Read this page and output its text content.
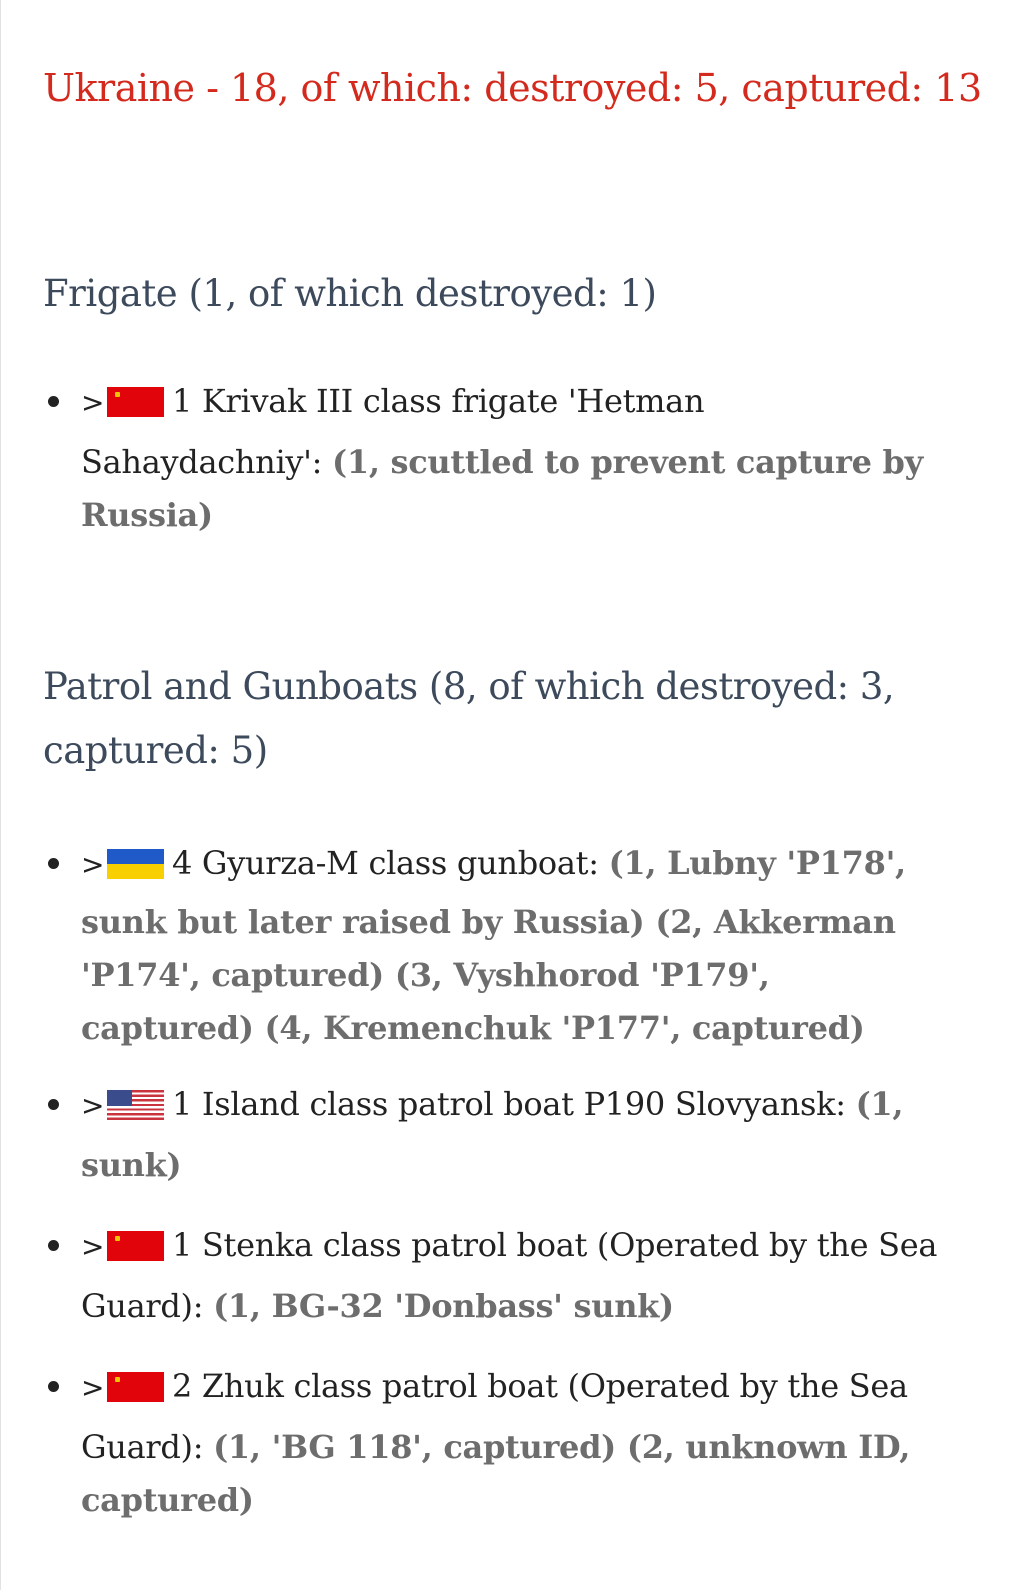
Ukraine - 18, of which: destroyed: 5, captured: 13
Frigate (1, of which destroyed: 1)
> 1 Krivak III class frigate 'Hetman
Sahaydachniy': (1, scuttled to prevent capture by Russia)
Patrol and Gunboats (8, of which destroyed: 3, captured: 5)
> 4 Gyurza-M class gunboat: (1, Lubny 'P178',
sunk but later raised by Russia) (2, Akkerman 'P174', captured) (3, Vyshhorod 'P179', captured) (4, Kremenchuk 'P177', captured)
> 1 Island class patrol boat P190 Slovyansk: (1,
sunk)
> 1 Stenka class patrol boat (Operated by the Sea
Guard): (1, BG-32 'Donbass' sunk)
> 2 Zhuk class patrol boat (Operated by the Sea
Guard): (1, 'BG 118', captured) (2, unknown ID, captured)
